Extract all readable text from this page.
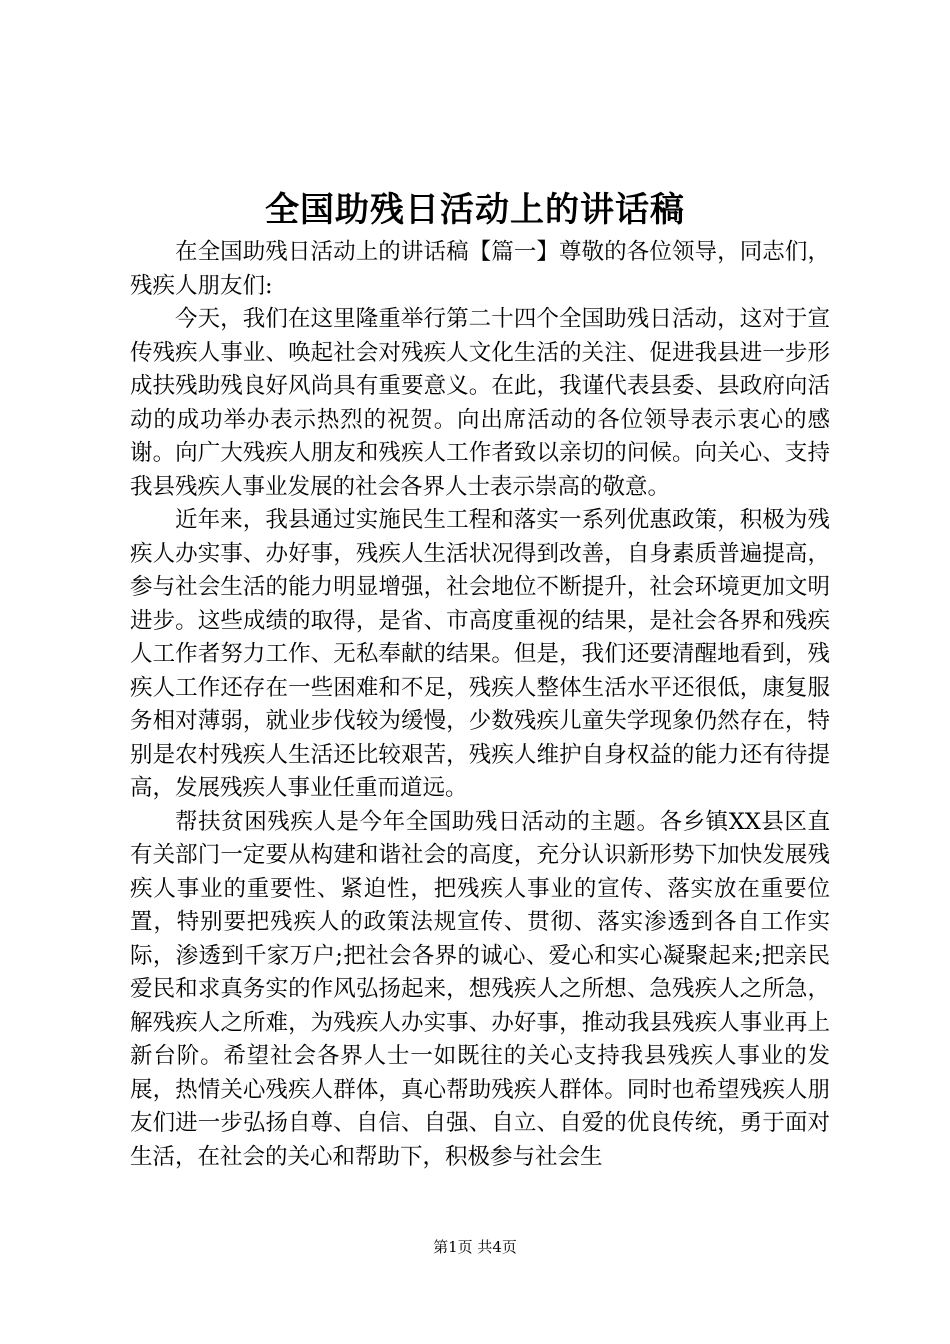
全国助残日活动上的讲话稿

在全国助残日活动上的讲话稿【篇一】尊敬的各位领导，同志们，残疾人朋友们:

今天，我们在这里隆重举行第二十四个全国助残日活动，这对于宣传残疾人事业、唤起社会对残疾人文化生活的关注、促进我县进一步形成扶残助残良好风尚具有重要意义。在此，我谨代表县委、县政府向活动的成功举办表示热烈的祝贺。向出席活动的各位领导表示衷心的感谢。向广大残疾人朋友和残疾人工作者致以亲切的问候。向关心、支持我县残疾人事业发展的社会各界人士表示崇高的敬意。

近年来，我县通过实施民生工程和落实一系列优惠政策，积极为残疾人办实事、办好事，残疾人生活状况得到改善，自身素质普遍提高，参与社会生活的能力明显增强，社会地位不断提升，社会环境更加文明进步。这些成绩的取得，是省、市高度重视的结果，是社会各界和残疾人工作者努力工作、无私奉献的结果。但是，我们还要清醒地看到，残疾人工作还存在一些困难和不足，残疾人整体生活水平还很低，康复服务相对薄弱，就业步伐较为缓慢，少数残疾儿童失学现象仍然存在，特别是农村残疾人生活还比较艰苦，残疾人维护自身权益的能力还有待提高，发展残疾人事业任重而道远。

帮扶贫困残疾人是今年全国助残日活动的主题。各乡镇XX县区直有关部门一定要从构建和谐社会的高度，充分认识新形势下加快发展残疾人事业的重要性、紧迫性，把残疾人事业的宣传、落实放在重要位置，特别要把残疾人的政策法规宣传、贯彻、落实渗透到各自工作实际，渗透到千家万户;把社会各界的诚心、爱心和实心凝聚起来;把亲民爱民和求真务实的作风弘扬起来，想残疾人之所想、急残疾人之所急，解残疾人之所难，为残疾人办实事、办好事，推动我县残疾人事业再上新台阶。希望社会各界人士一如既往的关心支持我县残疾人事业的发展，热情关心残疾人群体，真心帮助残疾人群体。同时也希望残疾人朋友们进一步弘扬自尊、自信、自强、自立、自爱的优良传统，勇于面对生活，在社会的关心和帮助下，积极参与社会生

第1页 共4页
